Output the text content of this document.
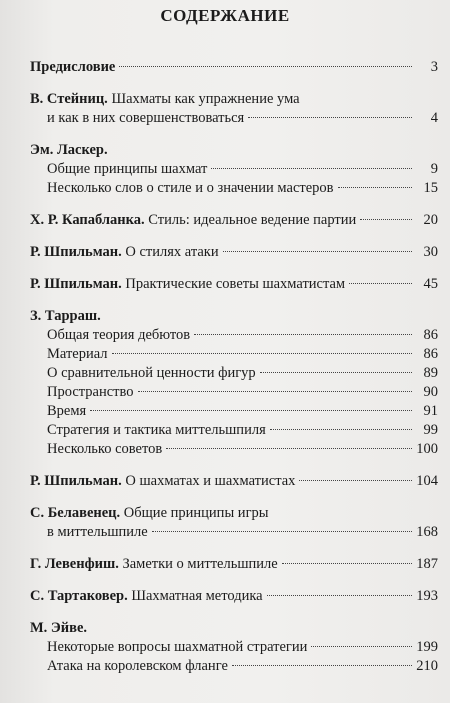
СОДЕРЖАНИЕ
Предисловие	3
В. Стейниц. Шахматы как упражнение ума
и как в них совершенствоваться	4
Эм. Ласкер.
Общие принципы шахмат	9
Несколько слов о стиле и о значении мастеров	15
Х. Р. Капабланка. Стиль: идеальное ведение партии	20
Р. Шпильман. О стилях атаки	30
Р. Шпильман. Практические советы шахматистам	45
З. Тарраш.
Общая теория дебютов	86
Материал	86
О сравнительной ценности фигур	89
Пространство	90
Время	91
Стратегия и тактика миттельшпиля	99
Несколько советов	100
Р. Шпильман. О шахматах и шахматистах	104
С. Белавенец. Общие принципы игры
в миттельшпиле	168
Г. Левенфиш. Заметки о миттельшпиле	187
С. Тартаковер. Шахматная методика	193
М. Эйве.
Некоторые вопросы шахматной стратегии	199
Атака на королевском фланге	210
